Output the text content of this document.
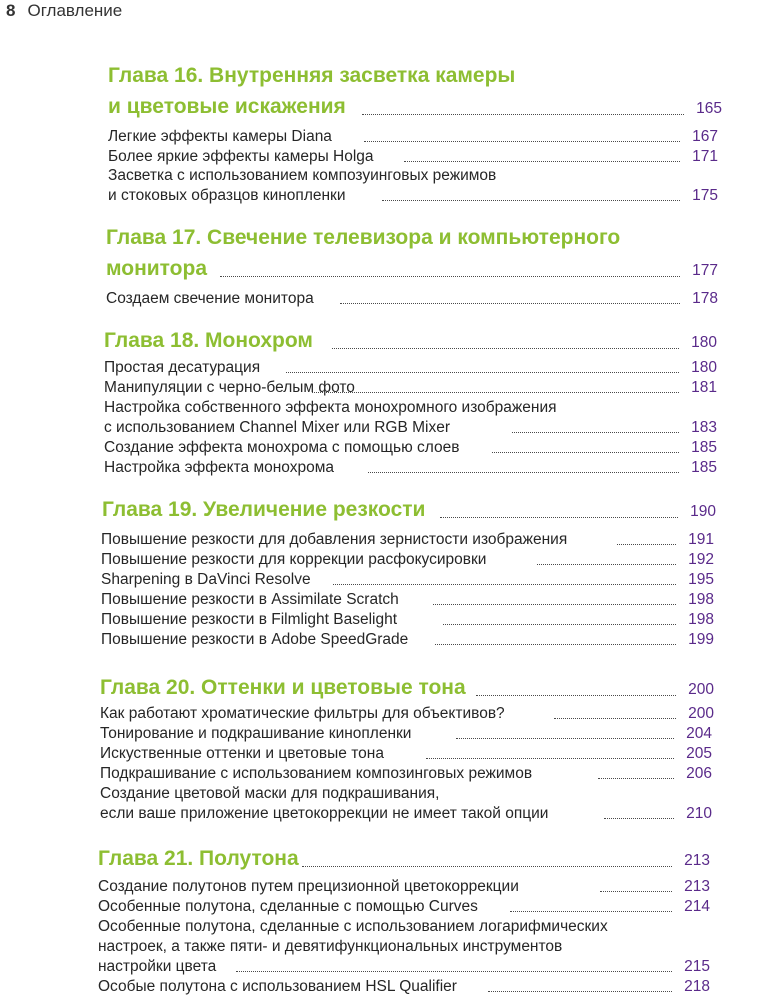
8 Оглавление
Глава 16. Внутренняя засветка камеры
и цветовые искажения	165
Легкие эффекты камеры Diana	167
Более яркие эффекты камеры Holga	171
Засветка с использованием композуинговых режимов
и стоковых образцов кинопленки	175
Глава 17. Свечение телевизора и компьютерного
монитора	177
Создаем свечение монитора	178
Глава 18. Монохром	180
Простая десатурация	180
Манипуляции с черно-белым фото	181
Настройка собственного эффекта монохромного изображения
с использованием Channel Mixer или RGB Mixer	183
Создание эффекта монохрома с помощью слоев	185
Настройка эффекта монохрома	185
Глава 19. Увеличение резкости	190
Повышение резкости для добавления зернистости изображения	191
Повышение резкости для коррекции расфокусировки	192
Sharpening в DaVinci Resolve	195
Повышение резкости в Assimilate Scratch	198
Повышение резкости в Filmlight Baselight	198
Повышение резкости в Adobe SpeedGrade	199
Глава 20. Оттенки и цветовые тона	200
Как работают хроматические фильтры для объективов?	200
Тонирование и подкрашивание кинопленки	204
Искуственные оттенки и цветовые тона	205
Подкрашивание с использованием композинговых режимов	206
Создание цветовой маски для подкрашивания,
если ваше приложение цветокоррекции не имеет такой опции	210
Глава 21. Полутона	213
Создание полутонов путем прецизионной цветокоррекции	213
Особенные полутона, сделанные с помощью Curves	214
Особенные полутона, сделанные с использованием логарифмических
настроек, а также пяти- и девятифункциональных инструментов
настройки цвета	215
Особые полутона с использованием HSL Qualifier	218
